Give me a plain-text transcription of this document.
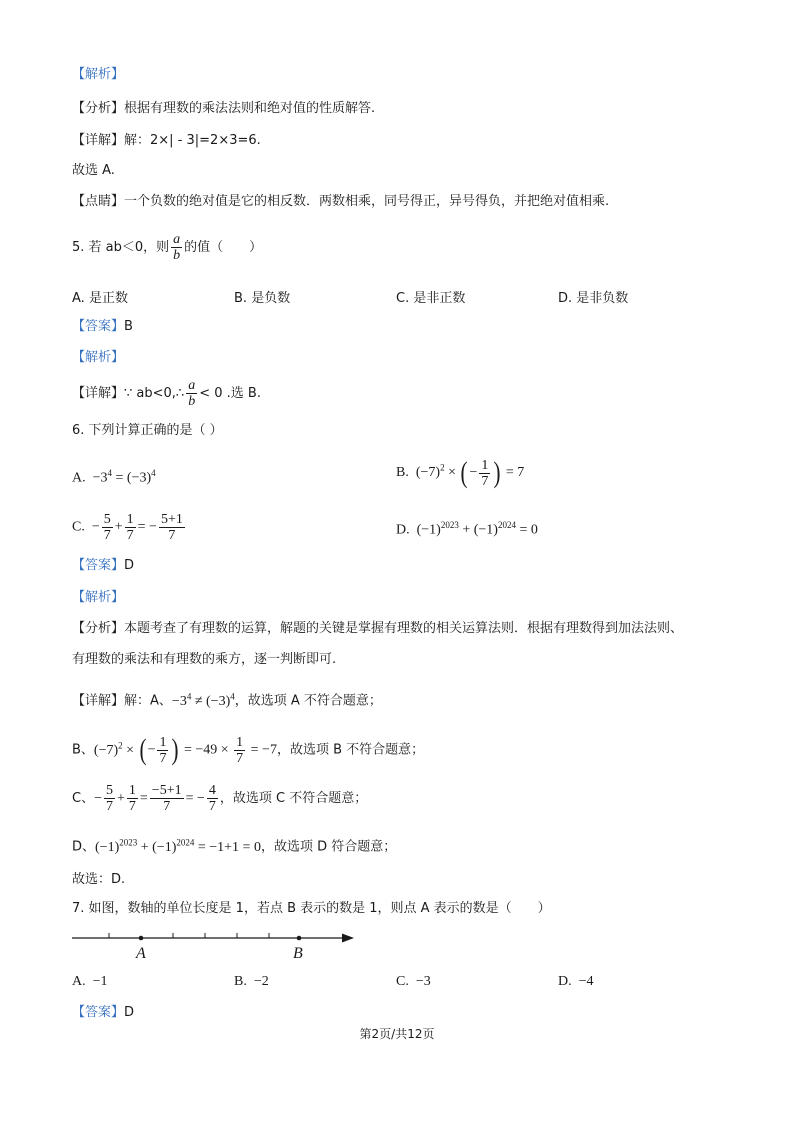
【解析】
【分析】根据有理数的乘法法则和绝对值的性质解答.
【详解】解：2×| - 3|=2×3=6.
故选 A.
【点睛】一个负数的绝对值是它的相反数．两数相乘，同号得正，异号得负，并把绝对值相乘.
5. 若 ab＜0，则 $\frac{a}{b}$ 的值（　　）
A. 是正数	B. 是负数	C. 是非正数	D. 是非负数
【答案】B
【解析】
【详解】∵ ab<0,∴ $\frac{a}{b} < 0$ .选 B.
6. 下列计算正确的是（ ）
A.  $-3^4 = (-3)^4$	B.  $(-7)^2$ × ( − $\frac{1}{7}$ ) = 7
C.  − $\frac{5}{7} + \frac{1}{7}$ = − $\frac{5+1}{7}$	D.  $(-1)^{2023} + (-1)^{2024} = 0$
【答案】D
【解析】
【分析】本题考查了有理数的运算，解题的关键是掌握有理数的相关运算法则．根据有理数得到加法法则、
有理数的乘法和有理数的乘方，逐一判断即可.
【详解】解：A、$-3^4 \ne (-3)^4$，故选项 A 不符合题意；
B、$(-7)^2$ × ( − $\frac{1}{7}$ ) = $-49 \times \frac{1}{7} = -7$，故选项 B 不符合题意；
C、− $\frac{5}{7} + \frac{1}{7} = \frac{-5+1}{7}$ = − $\frac{4}{7}$ ，故选项 C 不符合题意；
D、$(-1)^{2023} + (-1)^{2024} = -1+1 = 0$，故选项 D 符合题意；
故选：D.
7. 如图，数轴的单位长度是 1，若点 B 表示的数是 1，则点 A 表示的数是（　　）
A	B
A. −1	B. −2	C. −3	D. −4
【答案】D
第2页/共12页
